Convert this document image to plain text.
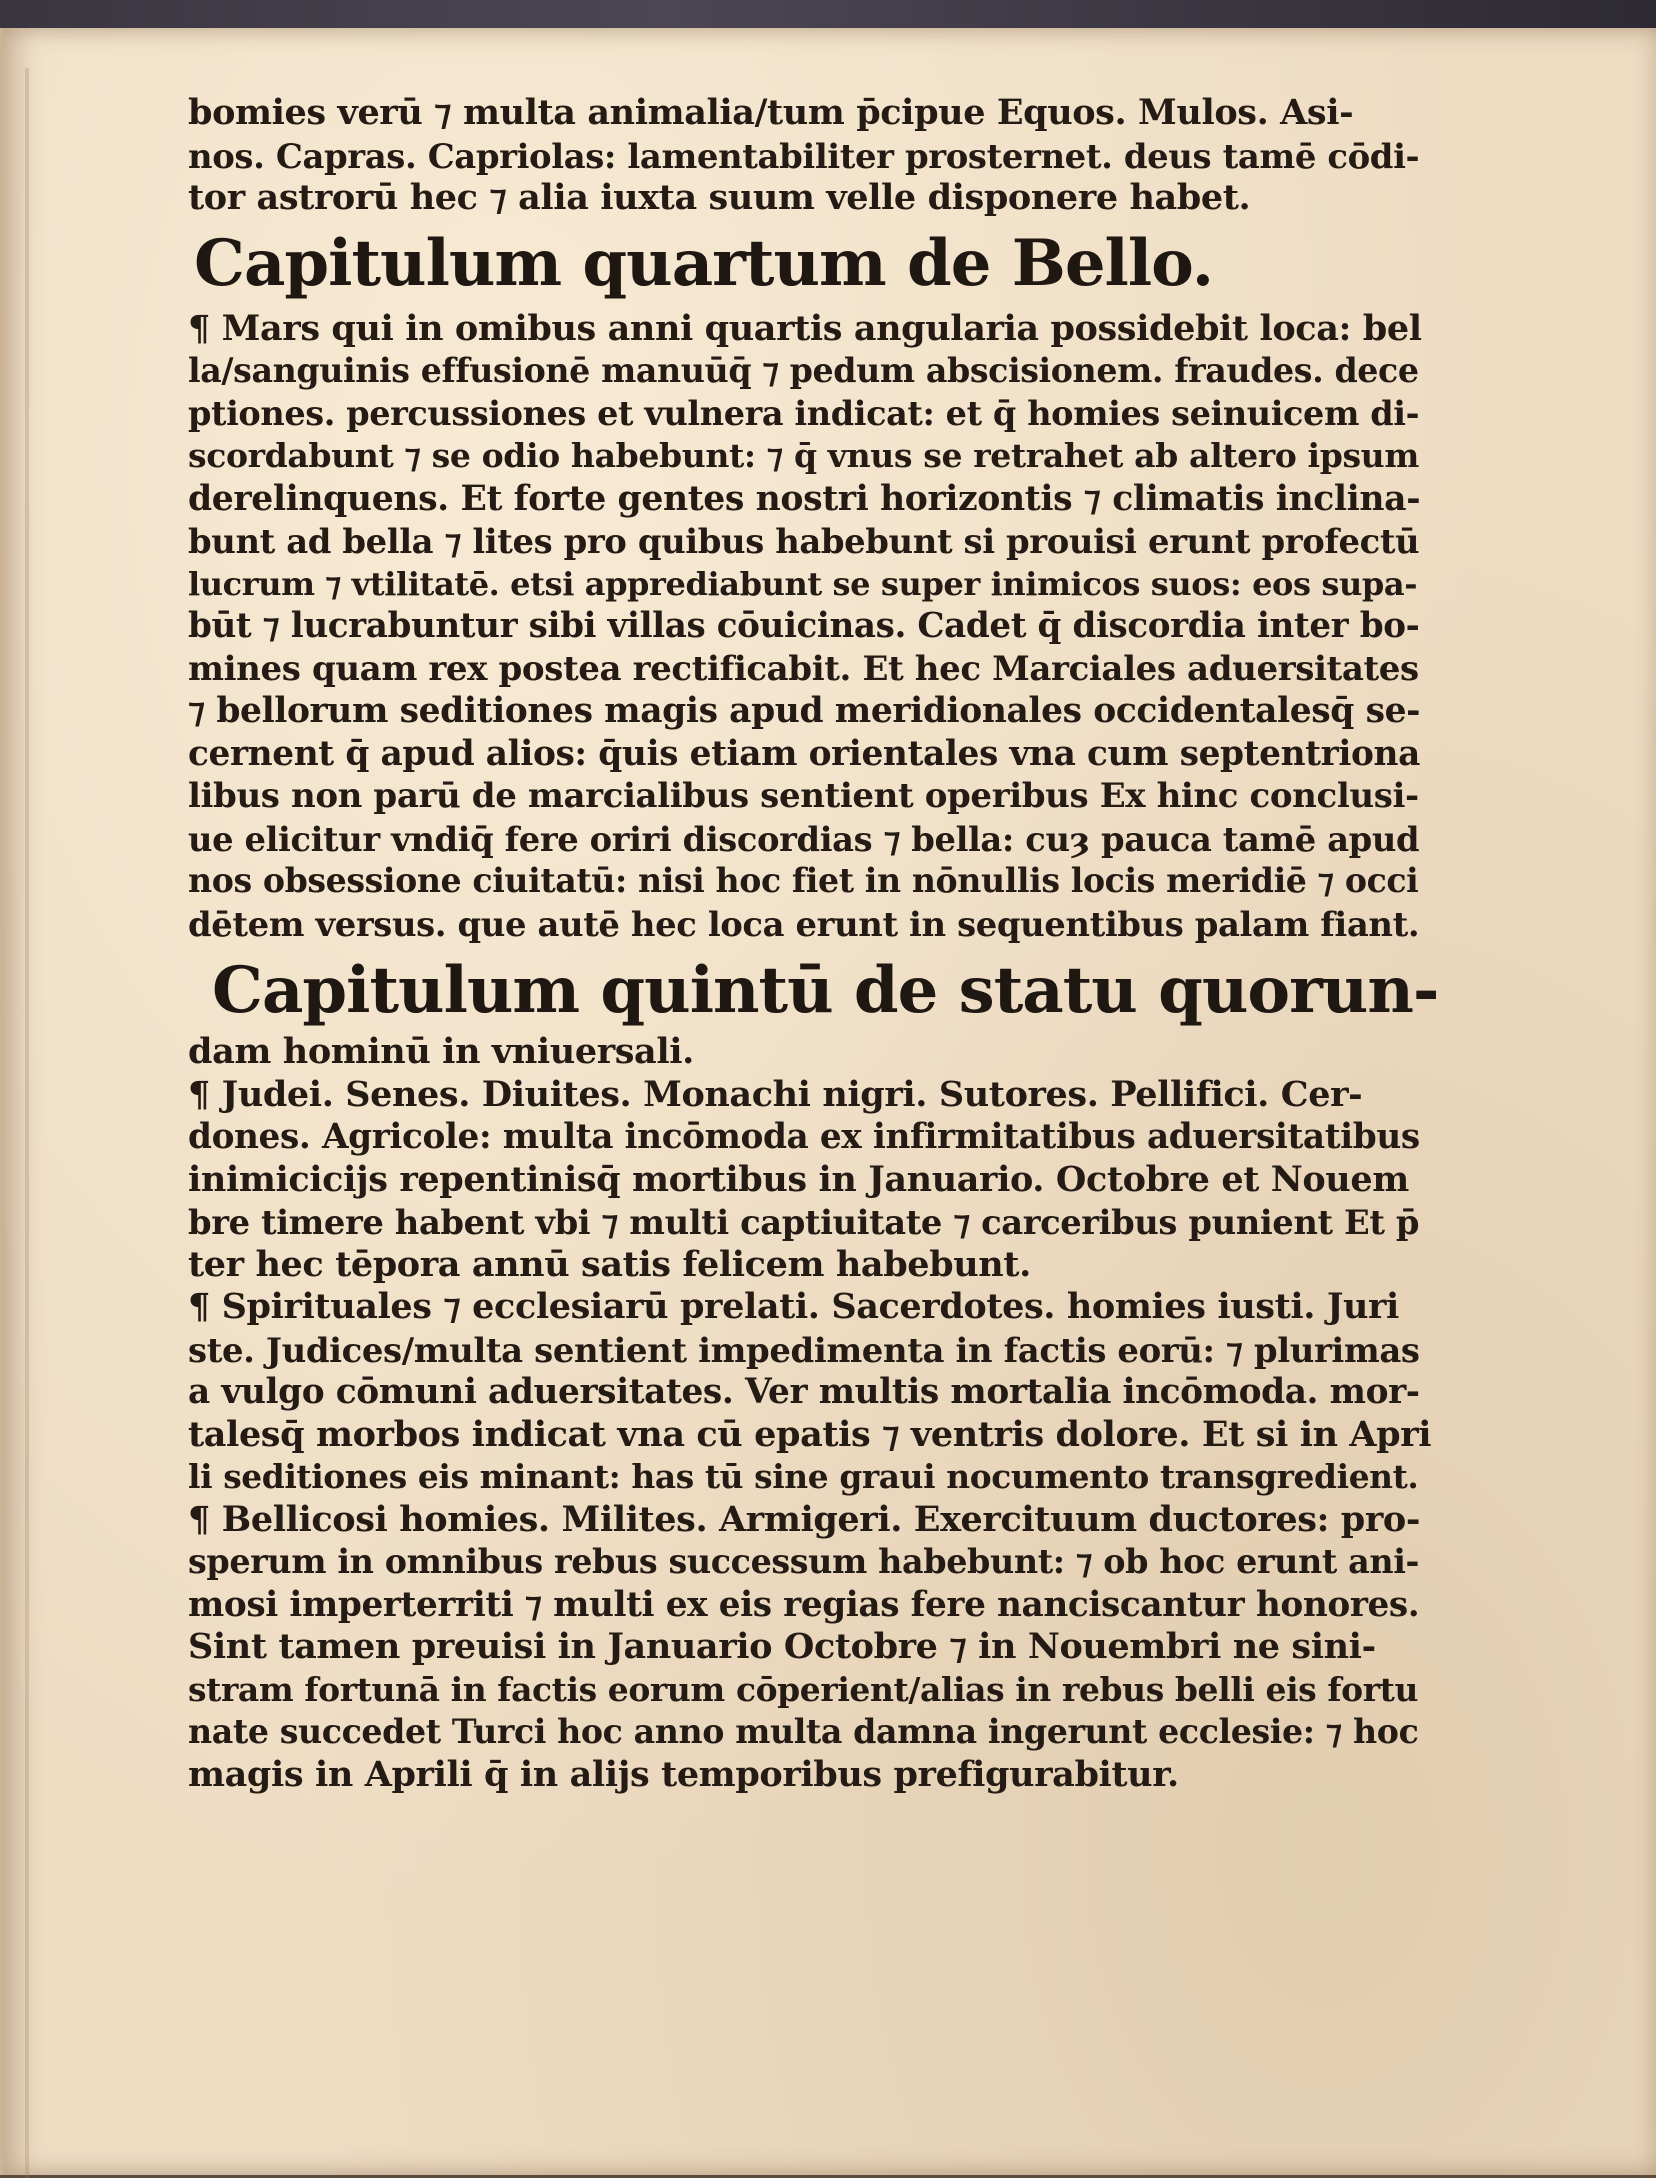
bomies verū ⁊ multa animalia/tum p̄cipue Equos. Mulos. Asi-
nos. Capras. Capriolas: lamentabiliter prosternet. deus tamē cōdi-
tor astrorū hec ⁊ alia iuxta suum velle disponere habet.
Capitulum quartum de Bello.
¶ Mars qui in omibus anni quartis angularia possidebit loca: bel
la/sanguinis effusionē manuūq̄ ⁊ pedum abscisionem. fraudes. dece
ptiones. percussiones et vulnera indicat: et q̄ homies seinuicem di-
scordabunt ⁊ se odio habebunt: ⁊ q̄ vnus se retrahet ab altero ipsum
derelinquens. Et forte gentes nostri horizontis ⁊ climatis inclina-
bunt ad bella ⁊ lites pro quibus habebunt si prouisi erunt profectū
lucrum ⁊ vtilitatē. etsi apprediabunt se super inimicos suos: eos supa-
būt ⁊ lucrabuntur sibi villas cōuicinas. Cadet q̄ discordia inter bo-
mines quam rex postea rectificabit. Et hec Marciales aduersitates
⁊ bellorum seditiones magis apud meridionales occidentalesq̄ se-
cernent q̄ apud alios: q̄uis etiam orientales vna cum septentriona
libus non parū de marcialibus sentient operibus Ex hinc conclusi-
ue elicitur vndiq̄ fere oriri discordias ⁊ bella: cuȝ pauca tamē apud
nos obsessione ciuitatū: nisi hoc fiet in nōnullis locis meridiē ⁊ occi
dētem versus. que autē hec loca erunt in sequentibus palam fiant.
Capitulum quintū de statu quorun-
dam hominū in vniuersali.
¶ Judei. Senes. Diuites. Monachi nigri. Sutores. Pellifici. Cer-
dones. Agricole: multa incōmoda ex infirmitatibus aduersitatibus
inimicicijs repentinisq̄ mortibus in Januario. Octobre et Nouem
bre timere habent vbi ⁊ multi captiuitate ⁊ carceribus punient Et p̄
ter hec tēpora annū satis felicem habebunt.
¶ Spirituales ⁊ ecclesiarū prelati. Sacerdotes. homies iusti. Juri
ste. Judices/multa sentient impedimenta in factis eorū: ⁊ plurimas
a vulgo cōmuni aduersitates. Ver multis mortalia incōmoda. mor-
talesq̄ morbos indicat vna cū epatis ⁊ ventris dolore. Et si in Apri
li seditiones eis minant: has tū sine graui nocumento transgredient.
¶ Bellicosi homies. Milites. Armigeri. Exercituum ductores: pro-
sperum in omnibus rebus successum habebunt: ⁊ ob hoc erunt ani-
mosi imperterriti ⁊ multi ex eis regias fere nanciscantur honores.
Sint tamen preuisi in Januario Octobre ⁊ in Nouembri ne sini-
stram fortunā in factis eorum cōperient/alias in rebus belli eis fortu
nate succedet Turci hoc anno multa damna ingerunt ecclesie: ⁊ hoc
magis in Aprili q̄ in alijs temporibus prefigurabitur.
